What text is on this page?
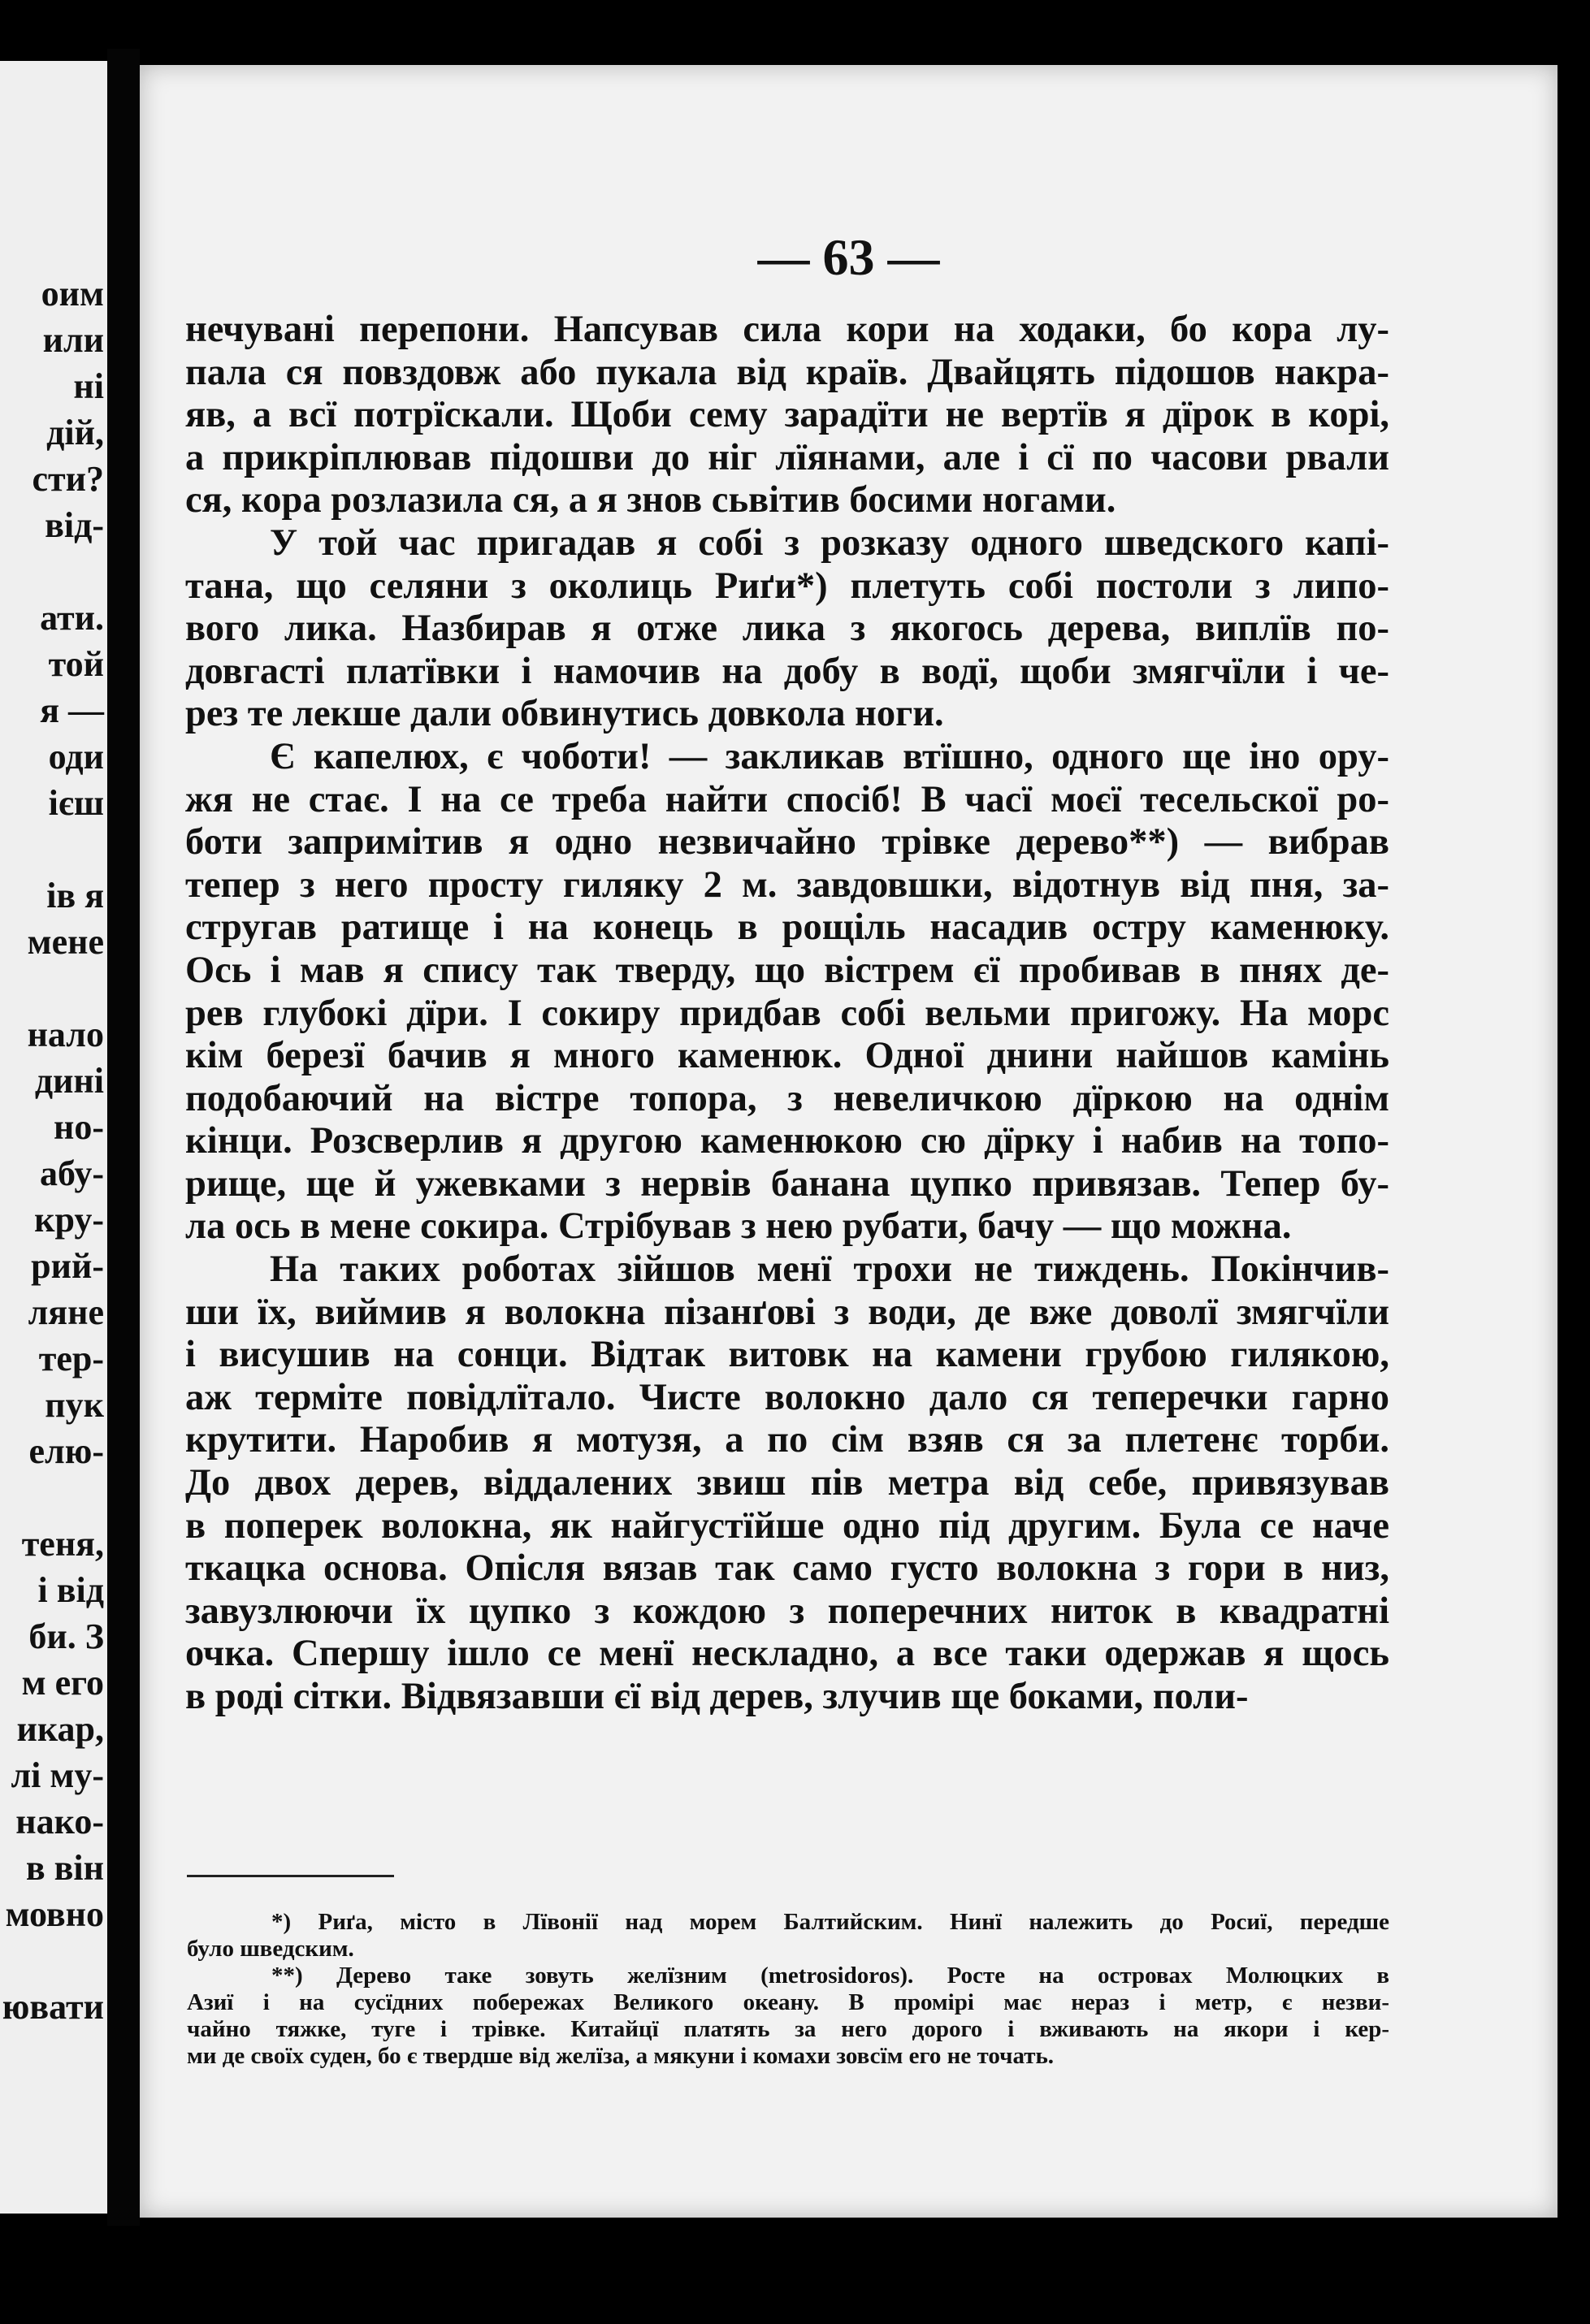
оим
или
ні
дій,
сти?
від-
ати.
той
я —
оди
ієш
ів я
мене
нало
дині
но-
абу-
кру-
рий-
ляне
тер-
пук
елю-
теня,
і від
би. З
м его
икар,
лі му-
нако-
в він
мовно
ювати
— 63 —

нечувані перепони. Напсував сила кори на ходаки, бо кора лу-
пала ся повздовж або пукала від країв. Двайцять підошов накра-
яв, а всї потрїскали. Щоби сему зарадїти не вертїв я дїрок в корі,
а прикріплював підошви до ніг лїянами, але і сї по часови рвали
ся, кора розлазила ся, а я знов сьвітив босими ногами.

У той час пригадав я собі з розказу одного шведского капі-
тана, що селяни з околиць Риґи*) плетуть собі постоли з липо-
вого лика. Назбирав я отже лика з якогось дерева, виплїв по-
довгасті платївки і намочив на добу в водї, щоби змягчїли і че-
рез те лекше дали обвинутись довкола ноги.

Є капелюх, є чоботи! — закликав втїшно, одного ще іно ору-
жя не стає. І на се треба найти спосіб! В часї моєї тесельскої ро-
боти запримітив я одно незвичайно трівке дерево**) — вибрав
тепер з него просту гиляку 2 м. завдовшки, відотнув від пня, за-
стругав ратище і на конець в рощіль насадив остру каменюку.
Ось і мав я спису так тверду, що вістрем єї пробивав в пнях де-
рев глубокі дїри. І сокиру придбав собі вельми пригожу. На морс
кім березї бачив я много каменюк. Одної днини найшов камінь
подобаючий на вістре топора, з невеличкою дїркою на однім
кінци. Розсверлив я другою каменюкою сю дїрку і набив на топо-
рище, ще й ужевками з нервів банана цупко привязав. Тепер бу-
ла ось в мене сокира. Стрібував з нею рубати, бачу — що можна.

На таких роботах зійшов менї трохи не тиждень. Покінчив-
ши їх, виймив я волокна пізанґові з води, де вже доволї змягчїли
і висушив на сонци. Відтак витовк на камени грубою гилякою,
аж терміте повідлїтало. Чисте волокно дало ся теперечки гарно
крутити. Наробив я мотузя, а по сім взяв ся за плетенє торби.
До двох дерев, віддалених звиш пів метра від себе, привязував
в поперек волокна, як найгустїйше одно під другим. Була се наче
ткацка основа. Опісля вязав так само густо волокна з гори в низ,
завузлюючи їх цупко з кождою з поперечних ниток в квадратні
очка. Спершу ішло се менї нескладно, а все таки одержав я щось
в роді сітки. Відвязавши єї від дерев, злучив ще боками, поли-

*) Риґа, місто в Лївонії над морем Балтийским. Нинї належить до Росиї, передше
було шведским.
**) Дерево таке зовуть желїзним (metrosidoros). Росте на островах Молюцких в
Азиї і на сусїдних побережах Великого океану. В промірі має нераз і метр, є незви-
чайно тяжке, туге і трівке. Китайцї платять за него дорого і вживають на якори і кер-
ми де своїх суден, бо є твердше від желїза, а мякуни і комахи зовсїм его не точать.
